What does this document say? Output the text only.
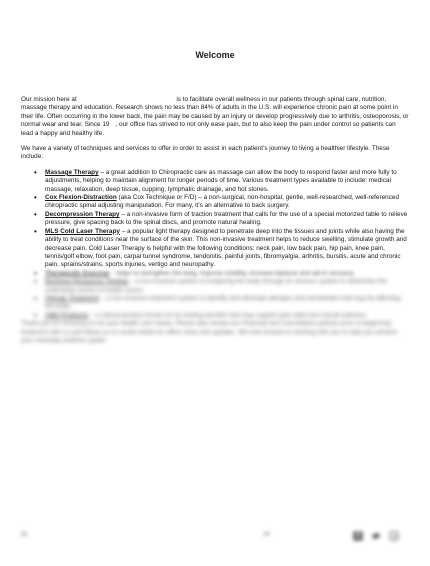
Welcome

Our mission here at	is to facilitate overall wellness in our patients through spinal care, nutrition, massage therapy and education. Research shows no less than 84% of adults in the U.S. will experience chronic pain at some point in their life. Often occurring in the lower back, the pain may be caused by an injury or develop progressively due to arthritis, osteoporosis, or normal wear and tear. Since 19 , our office has strived to not only ease pain, but to also keep the pain under control so patients can lead a happy and healthy life.

We have a variety of techniques and services to offer in order to assist in each patient’s journey to living a healthier lifestyle. These include:

• Massage Therapy – a great addition to Chiropractic care as massage can allow the body to respond faster and more fully to adjustments, helping to maintain alignment for longer periods of time. Various treatment types available to include: medical massage, relaxation, deep tissue, cupping, lymphatic drainage, and hot stones.
• Cox Flexion-Distraction (aka Cox Technique or F/D) – a non-surgical, non-hospital, gentle, well-researched, well-referenced chiropractic spinal adjusting manipulation. For many, it’s an alternative to back surgery.
• Decompression Therapy – a non-invasive form of traction treatment that calls for the use of a special motorized table to relieve pressure, give spacing back to the spinal discs, and promote natural healing.
• MLS Cold Laser Therapy – a popular light therapy designed to penetrate deep into the tissues and joints while also having the ability to treat conditions near the surface of the skin. This non-invasive treatment helps to reduce swelling, stimulate growth and decrease pain. Cold Laser Therapy is helpful with the following conditions: neck pain, low back pain, hip pain, knee pain, tennis/golf elbow, foot pain, carpal tunnel syndrome, tendonitis, painful joints, fibromyalgia, arthritis, bursitis, acute and chronic pain, sprains/strains, sports injuries, vertigo and neuropathy.
• Therapeutic Exercise – helps to strengthen the body, improve mobility, increase balance and aid in recovery.
• Nutrition Response Testing – a non-invasive system of analyzing the body through its nervous system to determine the underlying causes of health issues.
• Allergy Treatment – a non-invasive treatment system to identify and eliminate allergies and sensitivities that may be affecting the body.
• CBD Products – a natural product known for its healing benefits that may support pain relief and overall wellness.

Thank you for choosing us for your health care needs. Please also review our Financial and Cancellation policies prior to beginning treatment with us and follow us on social media for office news and updates. We look forward to working with you to help you achieve your everyday wellness goals!

Dr.	#3	f
